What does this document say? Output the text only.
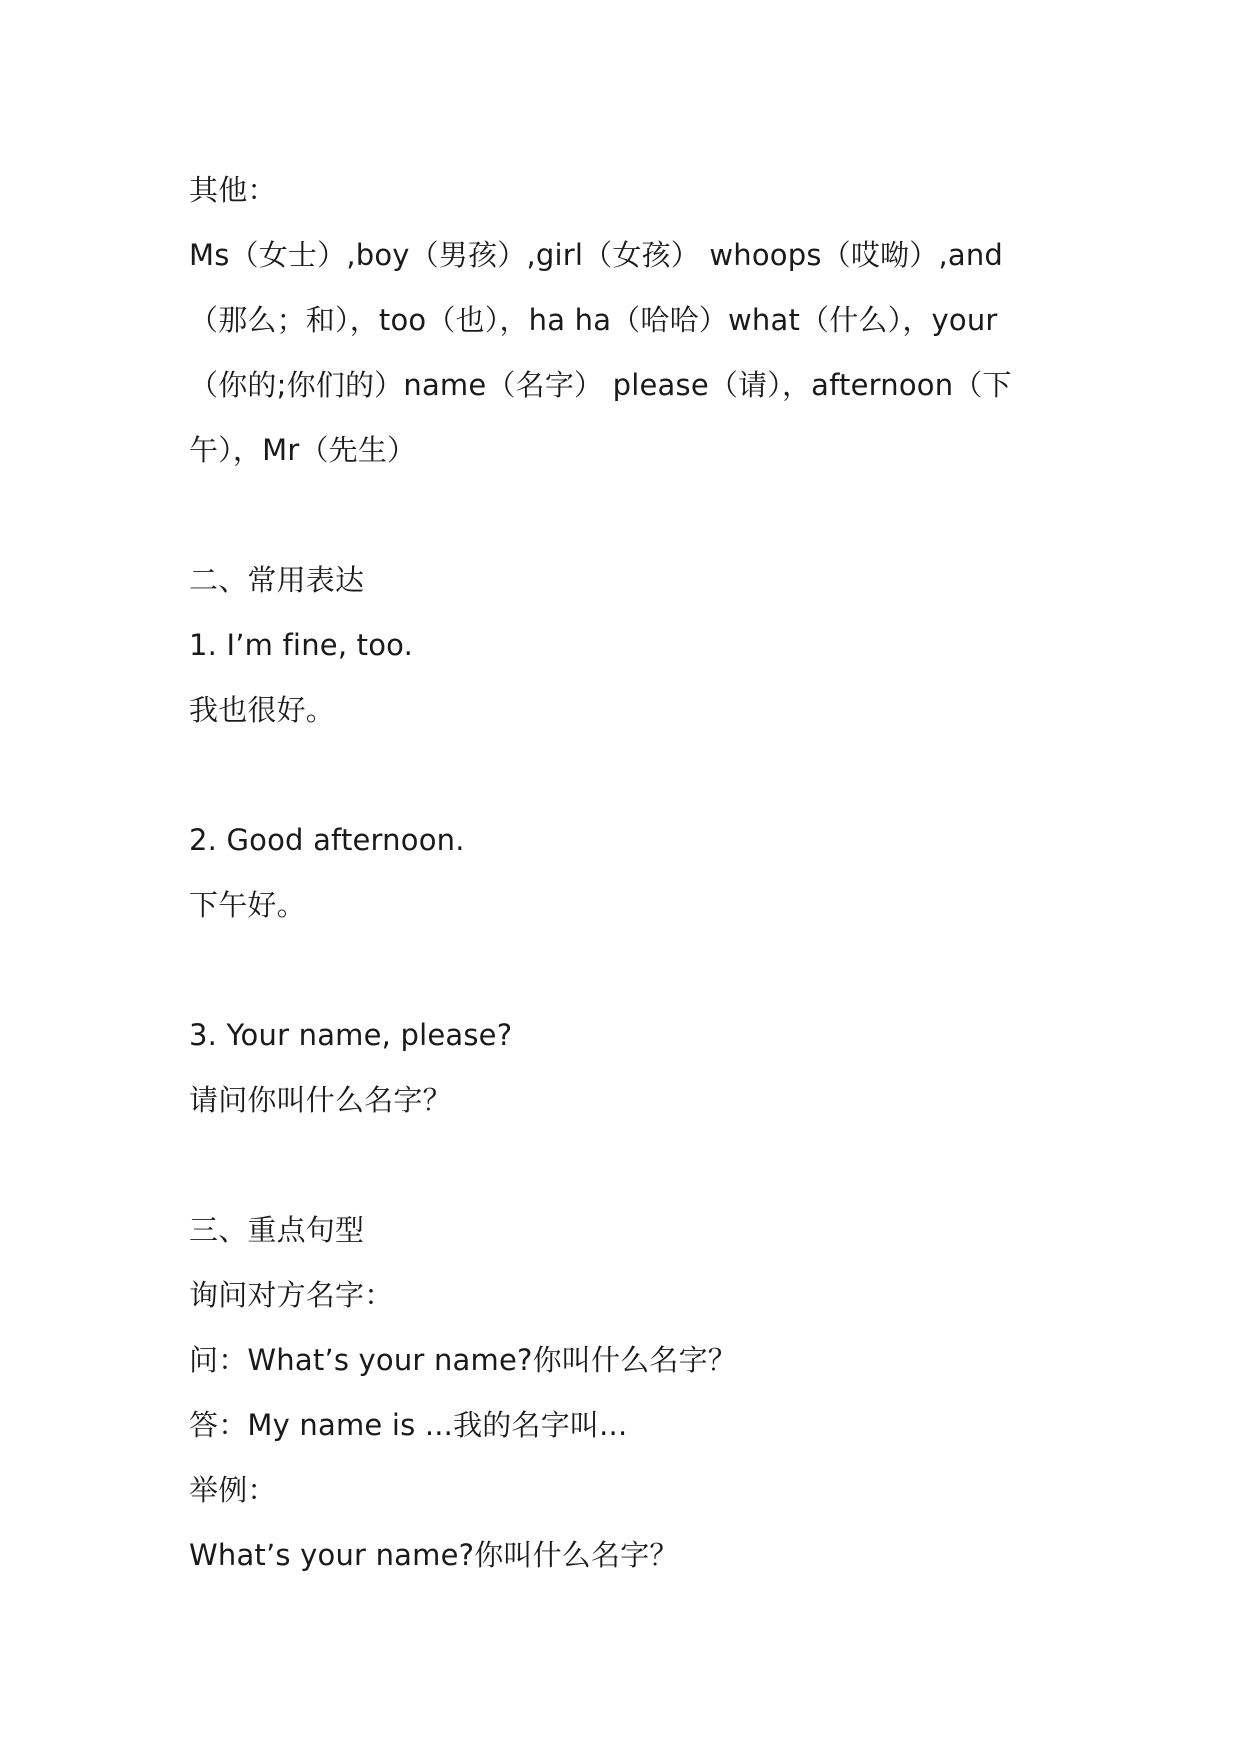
其他：
Ms（女士）,boy（男孩）,girl（女孩） whoops（哎呦）,and
（那么；和），too（也），ha ha（哈哈）what（什么），your
（你的;你们的）name（名字） please（请），afternoon（下
午），Mr（先生）
二、常用表达
1. I’m fine, too.
我也很好。
2. Good afternoon.
下午好。
3. Your name, please?
请问你叫什么名字？
三、重点句型
询问对方名字：
问：What’s your name?你叫什么名字？
答：My name is ...我的名字叫...
举例：
What’s your name?你叫什么名字？
